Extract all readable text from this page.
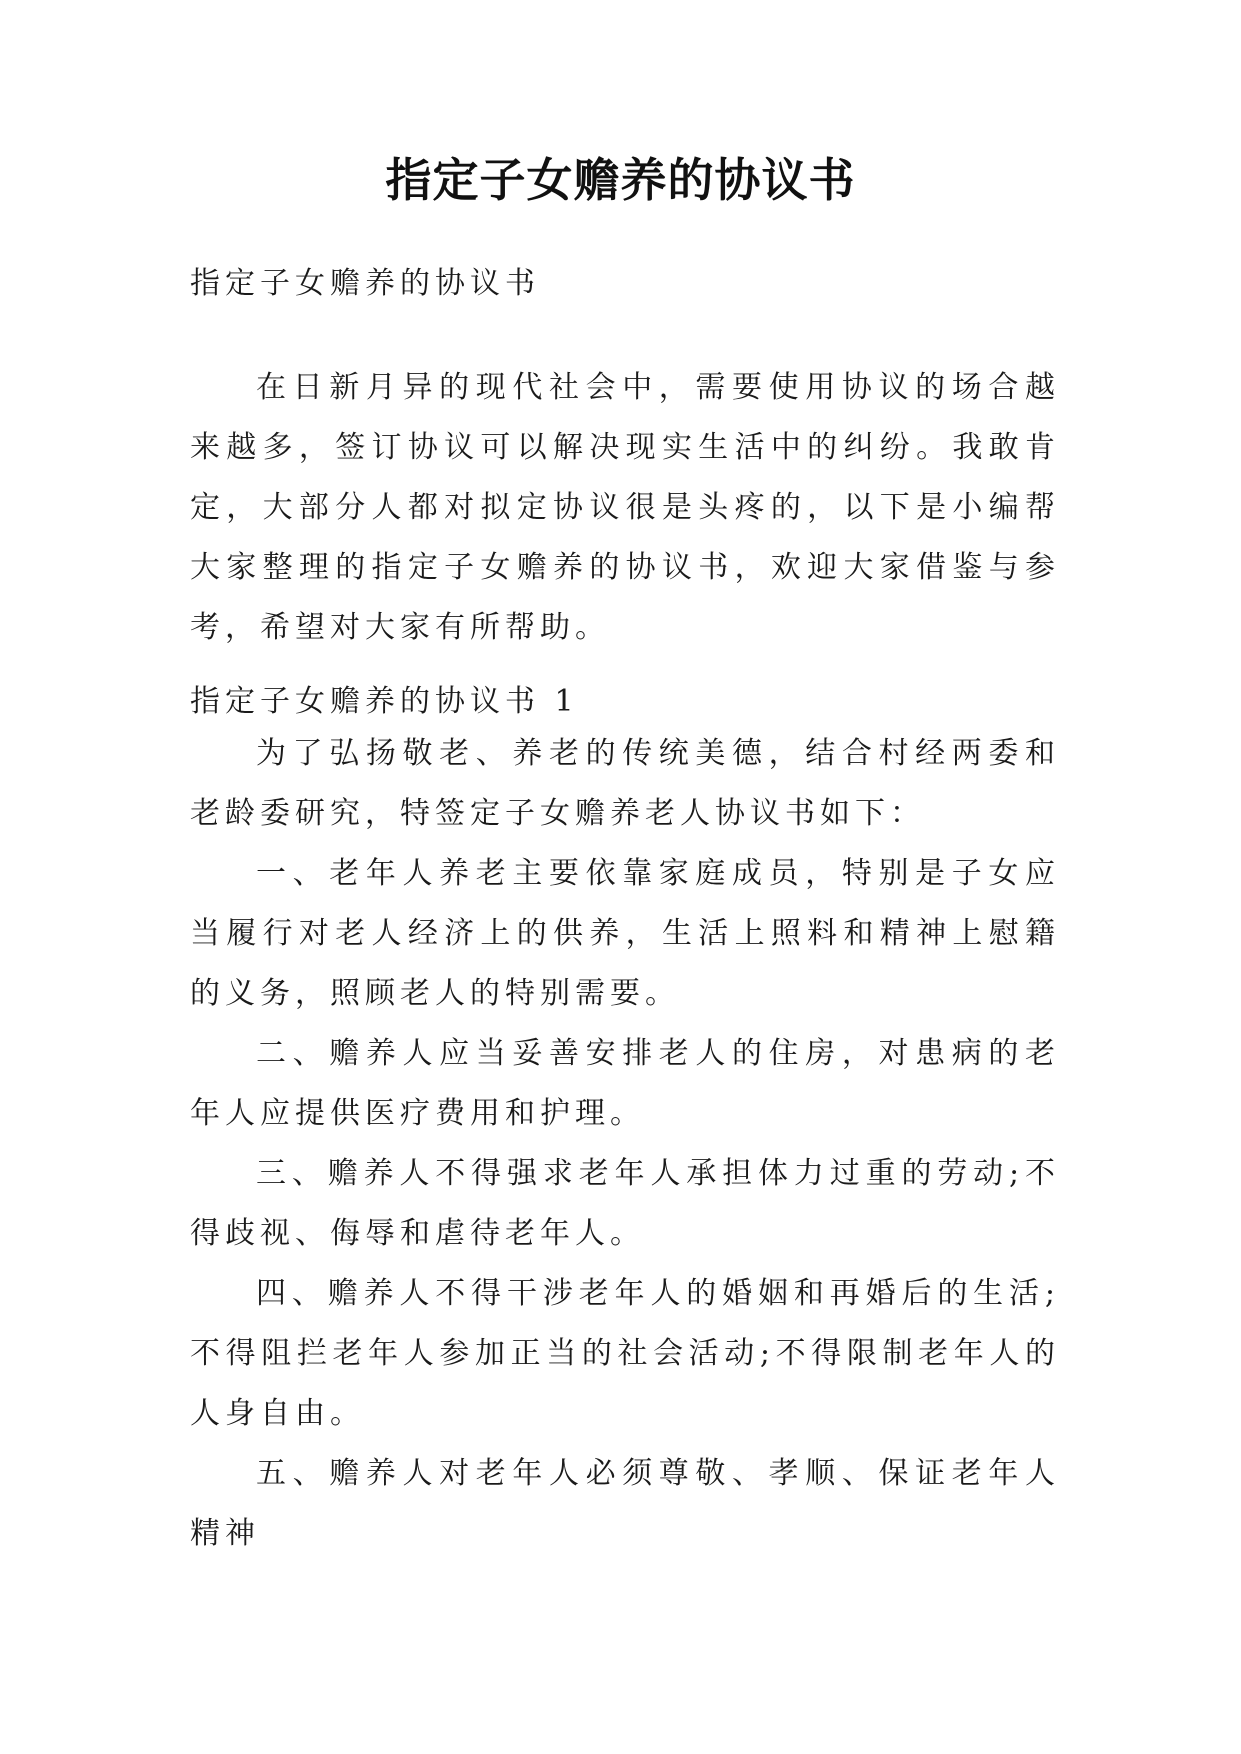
指定子女赡养的协议书
指定子女赡养的协议书
在日新月异的现代社会中，需要使用协议的场合越来越多，签订协议可以解决现实生活中的纠纷。我敢肯定，大部分人都对拟定协议很是头疼的，以下是小编帮大家整理的指定子女赡养的协议书，欢迎大家借鉴与参考，希望对大家有所帮助。
指定子女赡养的协议书 1

为了弘扬敬老、养老的传统美德，结合村经两委和老龄委研究，特签定子女赡养老人协议书如下：

一、老年人养老主要依靠家庭成员，特别是子女应当履行对老人经济上的供养，生活上照料和精神上慰籍的义务，照顾老人的特别需要。

二、赡养人应当妥善安排老人的住房，对患病的老年人应提供医疗费用和护理。

三、赡养人不得强求老年人承担体力过重的劳动;不得歧视、侮辱和虐待老年人。

四、赡养人不得干涉老年人的婚姻和再婚后的生活;不得阻拦老年人参加正当的社会活动;不得限制老年人的人身自由。

五、赡养人对老年人必须尊敬、孝顺、保证老年人精神
